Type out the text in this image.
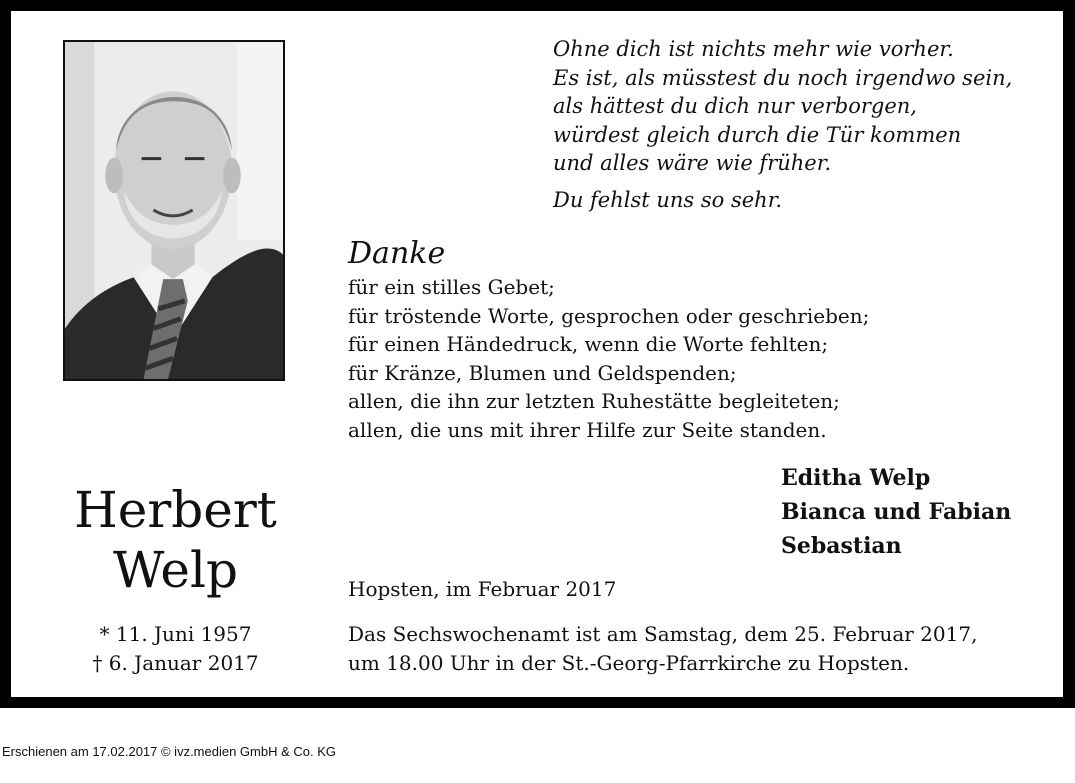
Ohne dich ist nichts mehr wie vorher.
Es ist, als müsstest du noch irgendwo sein,
als hättest du dich nur verborgen,
würdest gleich durch die Tür kommen
und alles wäre wie früher.
Du fehlst uns so sehr.
Danke
für ein stilles Gebet;
für tröstende Worte, gesprochen oder geschrieben;
für einen Händedruck, wenn die Worte fehlten;
für Kränze, Blumen und Geldspenden;
allen, die ihn zur letzten Ruhestätte begleiteten;
allen, die uns mit ihrer Hilfe zur Seite standen.
Editha Welp
Bianca und Fabian
Sebastian
Herbert
Welp
* 11. Juni 1957
† 6. Januar 2017
Hopsten, im Februar 2017
Das Sechswochenamt ist am Samstag, dem 25. Februar 2017,
um 18.00 Uhr in der St.-Georg-Pfarrkirche zu Hopsten.
Erschienen am 17.02.2017 © ivz.medien GmbH & Co. KG
